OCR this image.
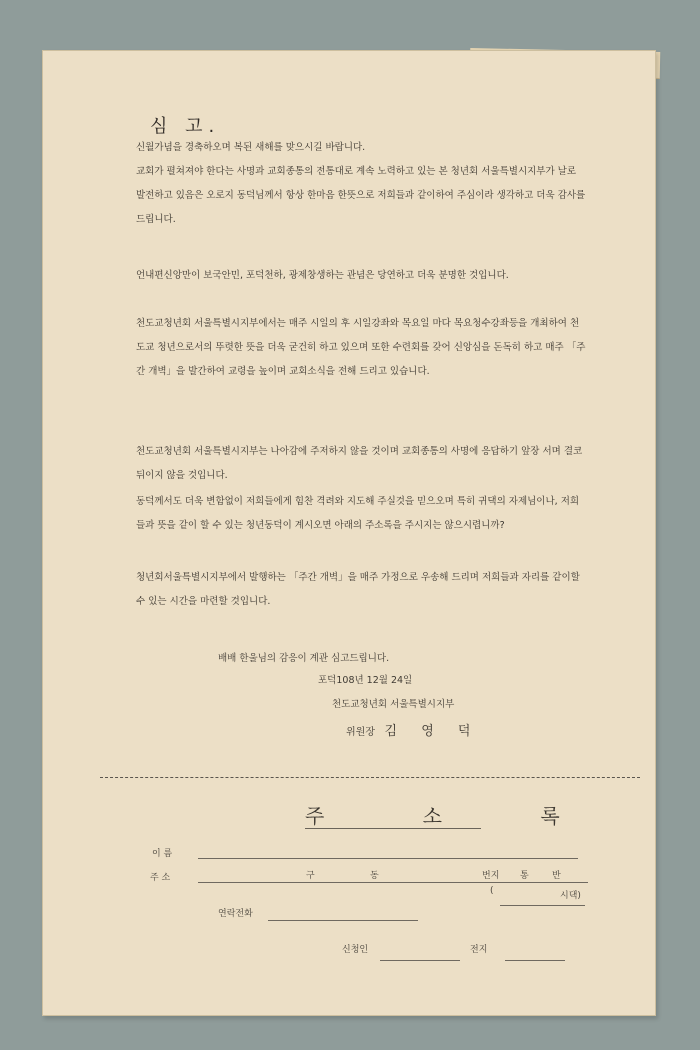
심 고.
신월가념을 경축하오며 복된 새해를 맞으시길 바랍니다.
교회가 펼쳐져야 한다는 사명과 교회종통의 전통대로 계속 노력하고 있는 본 청년회 서울특별시지부가 날로 발전하고 있음은 오로지 동덕님께서 항상 한마음 한뜻으로 저희들과 같이하여 주심이라 생각하고 더욱 감사를 드립니다.
언내편신앙만이 보국안민, 포덕천하, 광제창생하는 관념은 당연하고 더욱 분명한 것입니다.
천도교청년회 서울특별시지부에서는 매주 시일의 후 시일강좌와 목요일 마다 목요청수강좌등을 개최하여 천도교 청년으로서의 뚜렷한 뜻을 더욱 굳건히 하고 있으며 또한 수련회를 갖어 신앙심을 돈독히 하고 매주 「주간 개벽」을 발간하여 교령을 높이며 교회소식을 전해 드리고 있습니다.
천도교청년회 서울특별시지부는 나아감에 주저하지 않을 것이며 교회종통의 사명에 응답하기 앞장 서며 결코 뒤이지 않을 것입니다.
동덕께서도 더욱 변함없이 저희들에게 힘찬 격려와 지도해 주실것을 믿으오며 특히 귀댁의 자제님이나, 저희들과 뜻을 같이 할 수 있는 청년동덕이 계시오면 아래의 주소록을 주시지는 않으시렵니까?
청년회서울특별시지부에서 발행하는 「주간 개벽」을 매주 가정으로 우송해 드리며 저희들과 자리를 같이할 수 있는 시간을 마련할 것입니다.
배배 한울님의 감응이 계관 심고드립니다.
포덕108년 12월 24일
천도교청년회 서울특별시지부
위원장 김 영 덕
주 소 록
이 름
주 소	구	동	번지 통	반
(	시댁)
연락전화
신청인	전지
